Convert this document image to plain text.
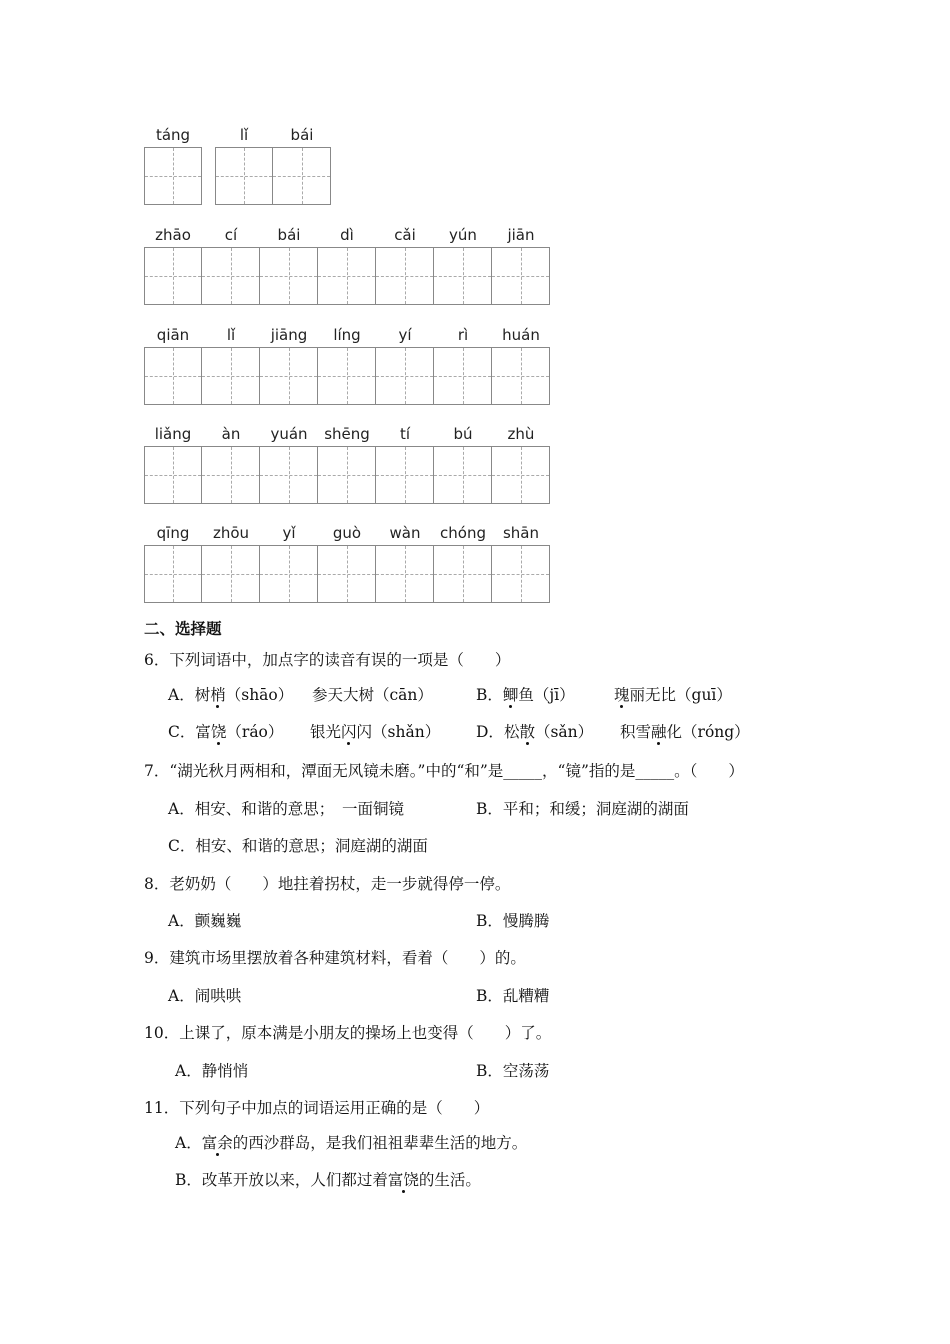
táng	lǐ	bái
zhāo	cí	bái	dì	cǎi	yún	jiān
qiān	lǐ	jiāng	líng	yí	rì	huán
liǎng	àn	yuán	shēng	tí	bú	zhù
qīng	zhōu	yǐ	guò	wàn	chóng	shān
二、选择题
6．下列词语中，加点字的读音有误的一项是（　　）
A．树梢（shāo） 参天大树（cān）	B．鲫鱼（jī）	瑰丽无比（guī）
C．富饶（ráo） 银光闪闪（shǎn） D．松散（sǎn） 积雪融化（róng）
7．“湖光秋月两相和，潭面无风镜未磨。”中的“和”是_____，“镜”指的是_____。（　　）
A．相安、和谐的意思；　一面铜镜	B．平和；和缓；洞庭湖的湖面
C．相安、和谐的意思；洞庭湖的湖面
8．老奶奶（　　）地拄着拐杖，走一步就得停一停。
A．颤巍巍	B．慢腾腾
9．建筑市场里摆放着各种建筑材料，看着（　　）的。
A．闹哄哄	B．乱糟糟
10．上课了，原本满是小朋友的操场上也变得（　　）了。
A．静悄悄	B．空荡荡
11．下列句子中加点的词语运用正确的是（　　）
A．富余的西沙群岛，是我们祖祖辈辈生活的地方。
B．改革开放以来，人们都过着富饶的生活。
